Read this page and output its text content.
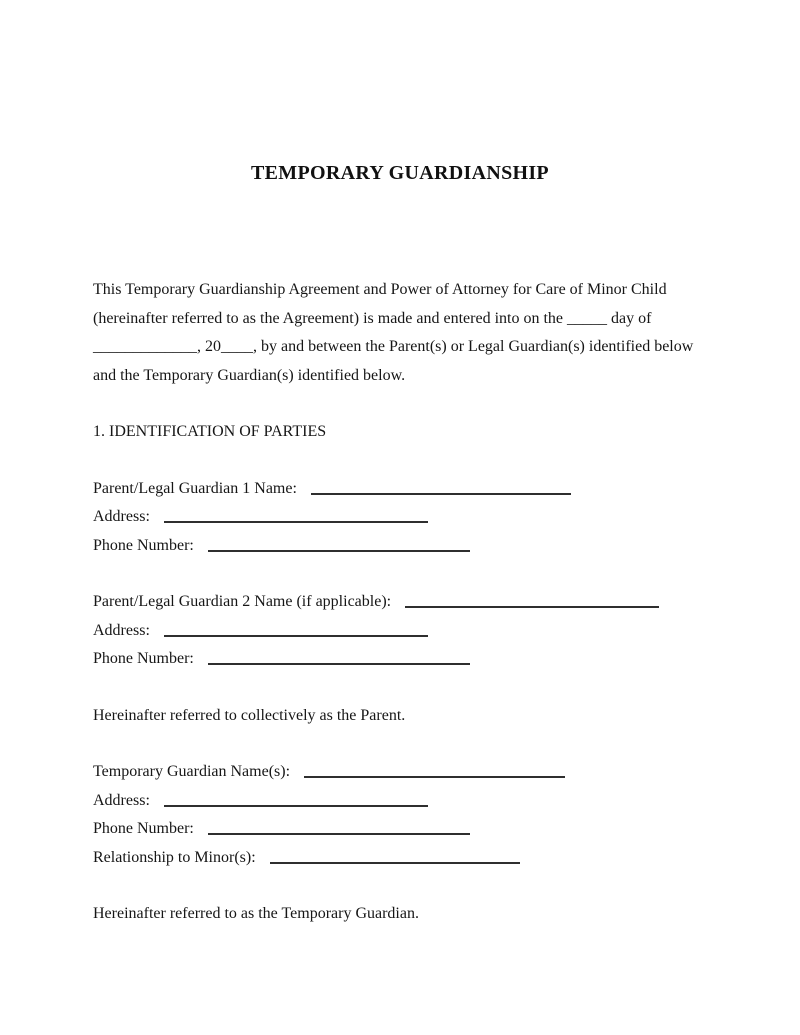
TEMPORARY GUARDIANSHIP
This Temporary Guardianship Agreement and Power of Attorney for Care of Minor Child
(hereinafter referred to as the Agreement) is made and entered into on the _____ day of
_____________, 20____, by and between the Parent(s) or Legal Guardian(s) identified below
and the Temporary Guardian(s) identified below.
1. IDENTIFICATION OF PARTIES
Parent/Legal Guardian 1 Name:
Address:
Phone Number:
Parent/Legal Guardian 2 Name (if applicable):
Address:
Phone Number:
Hereinafter referred to collectively as the Parent.
Temporary Guardian Name(s):
Address:
Phone Number:
Relationship to Minor(s):
Hereinafter referred to as the Temporary Guardian.
